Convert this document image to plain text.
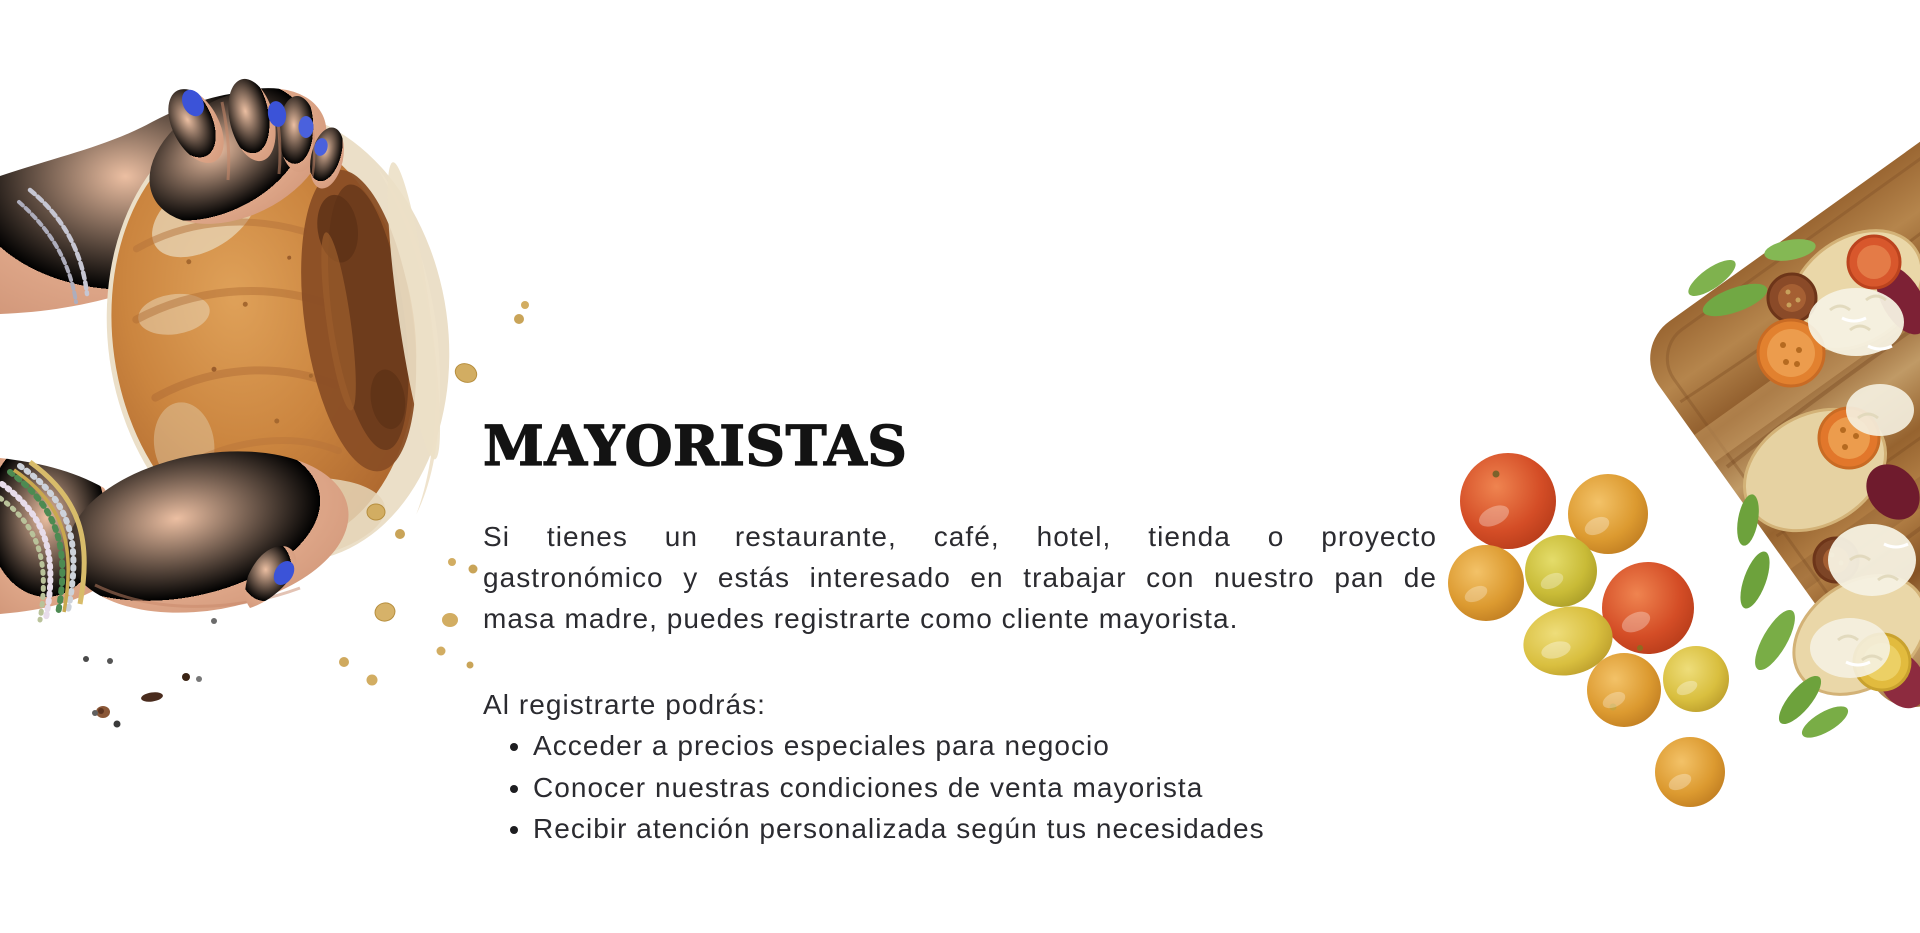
MAYORISTAS

Si tienes un restaurante, café, hotel, tienda o proyecto
gastronómico y estás interesado en trabajar con nuestro pan de
masa madre, puedes registrarte como cliente mayorista.

Al registrarte podrás:

• Acceder a precios especiales para negocio
• Conocer nuestras condiciones de venta mayorista
• Recibir atención personalizada según tus necesidades
